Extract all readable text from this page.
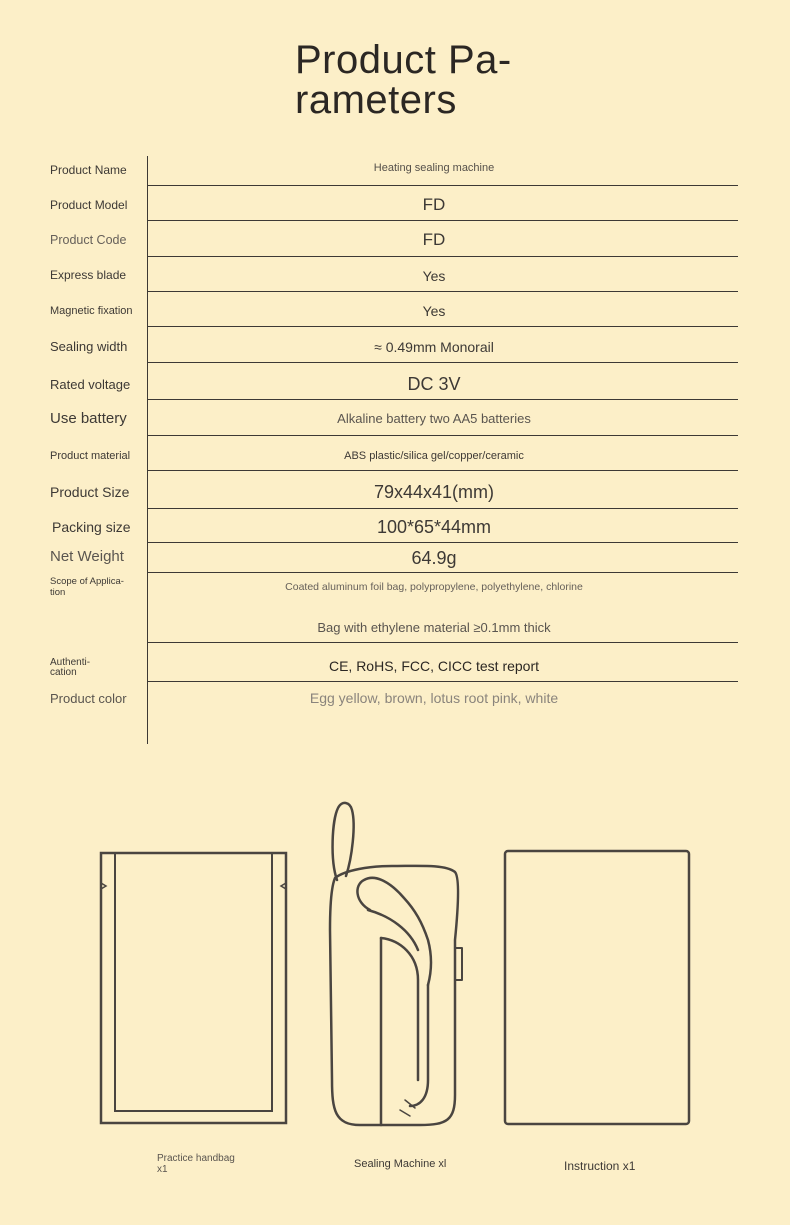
Product Pa-
rameters
Product Name	Heating sealing machine
Product Model	FD
Product Code	FD
Express blade	Yes
Magnetic fixation	Yes
Sealing width	≈ 0.49mm Monorail
Rated voltage	DC 3V
Use battery	Alkaline battery two AA5 batteries
Product material	ABS plastic/silica gel/copper/ceramic
Product Size	79x44x41(mm)
Packing size	100*65*44mm
Net Weight	64.9g
Scope of Applica-
tion	Coated aluminum foil bag, polypropylene, polyethylene, chlorine
Bag with ethylene material ≥0.1mm thick
Authenti-
cation	CE, RoHS, FCC, CICC test report
Product color	Egg yellow, brown, lotus root pink, white
Practice handbag
x1	Sealing Machine xl	Instruction x1
